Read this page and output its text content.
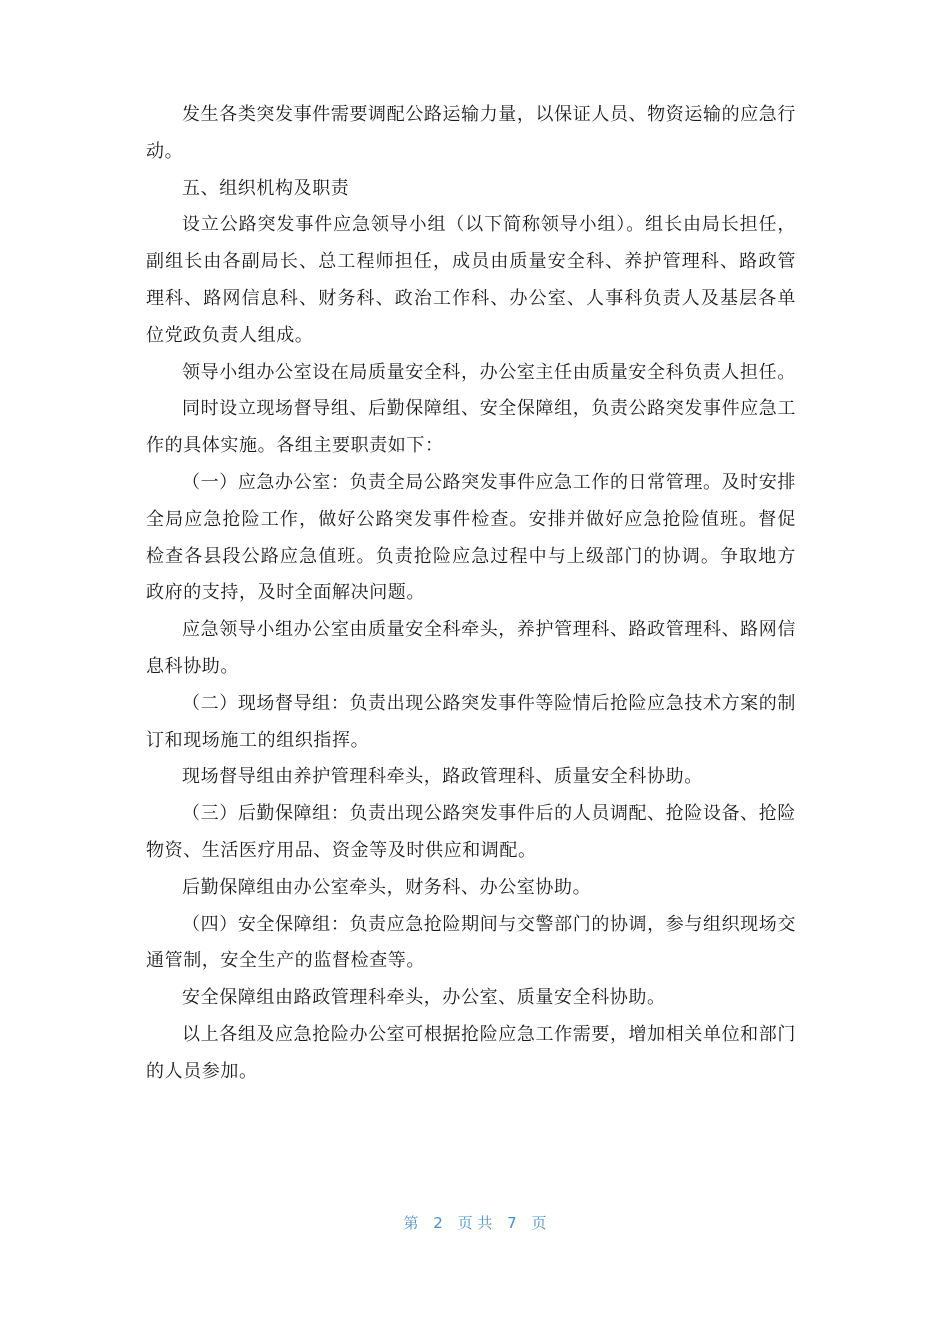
发生各类突发事件需要调配公路运输力量，以保证人员、物资运输的应急行动。

五、组织机构及职责

设立公路突发事件应急领导小组（以下简称领导小组）。组长由局长担任，副组长由各副局长、总工程师担任，成员由质量安全科、养护管理科、路政管理科、路网信息科、财务科、政治工作科、办公室、人事科负责人及基层各单位党政负责人组成。

领导小组办公室设在局质量安全科，办公室主任由质量安全科负责人担任。

同时设立现场督导组、后勤保障组、安全保障组，负责公路突发事件应急工作的具体实施。各组主要职责如下：

（一）应急办公室：负责全局公路突发事件应急工作的日常管理。及时安排全局应急抢险工作，做好公路突发事件检查。安排并做好应急抢险值班。督促检查各县段公路应急值班。负责抢险应急过程中与上级部门的协调。争取地方政府的支持，及时全面解决问题。

应急领导小组办公室由质量安全科牵头，养护管理科、路政管理科、路网信息科协助。

（二）现场督导组：负责出现公路突发事件等险情后抢险应急技术方案的制订和现场施工的组织指挥。

现场督导组由养护管理科牵头，路政管理科、质量安全科协助。

（三）后勤保障组：负责出现公路突发事件后的人员调配、抢险设备、抢险物资、生活医疗用品、资金等及时供应和调配。

后勤保障组由办公室牵头，财务科、办公室协助。

（四）安全保障组：负责应急抢险期间与交警部门的协调，参与组织现场交通管制，安全生产的监督检查等。

安全保障组由路政管理科牵头，办公室、质量安全科协助。

以上各组及应急抢险办公室可根据抢险应急工作需要，增加相关单位和部门的人员参加。

第 2 页 共 7 页
